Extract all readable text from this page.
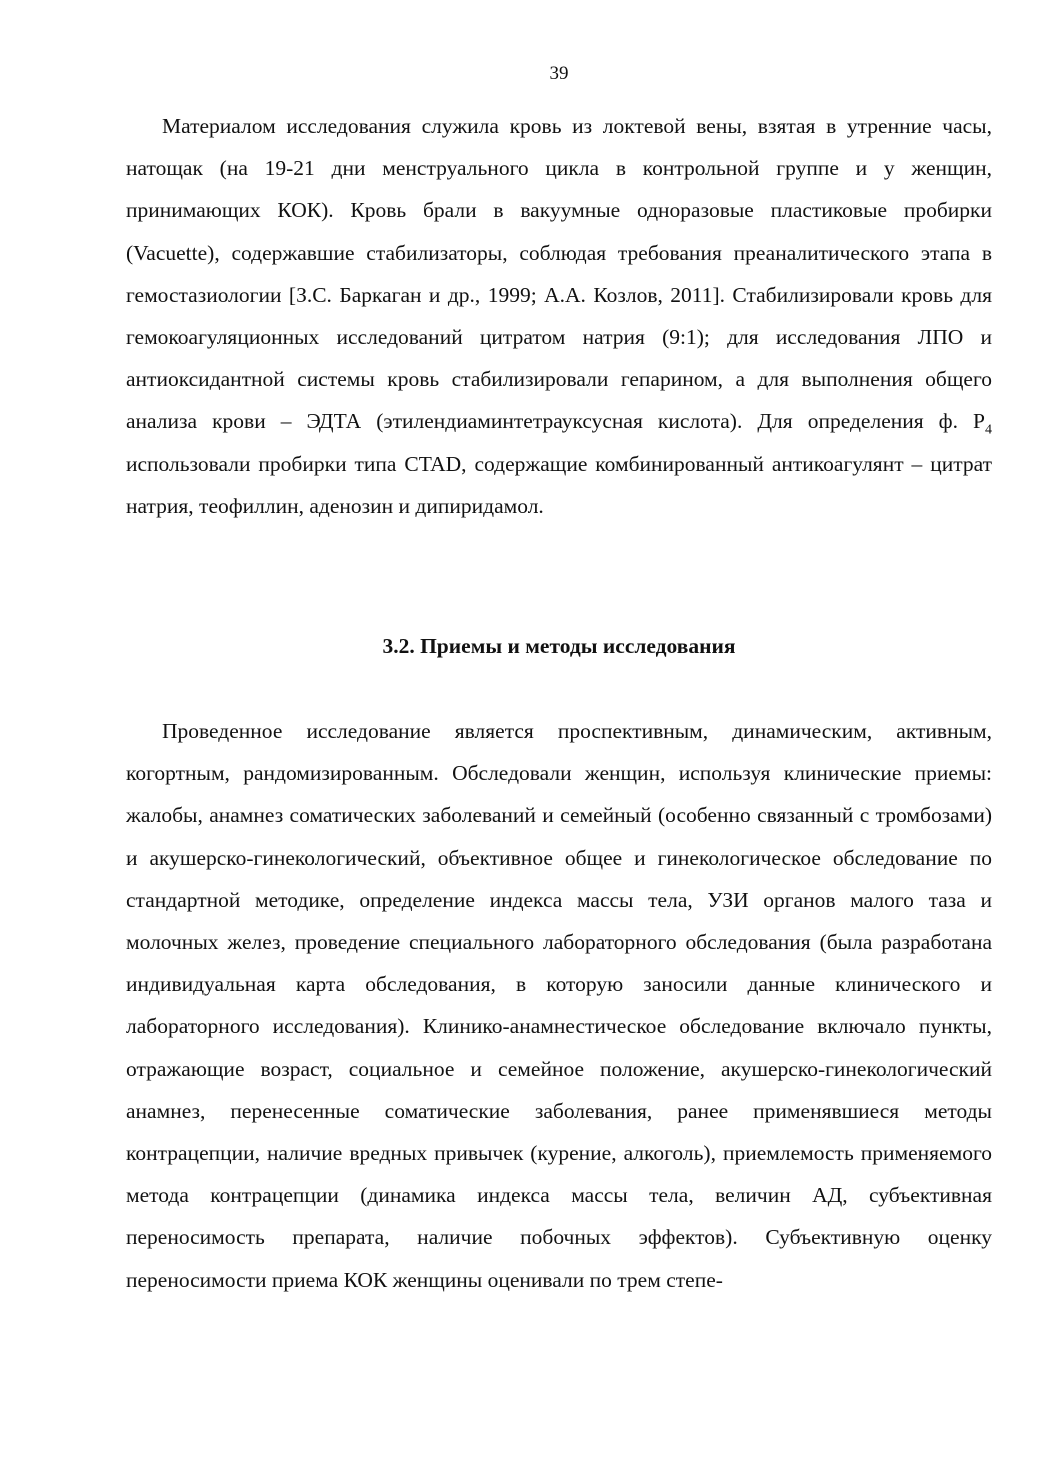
39

Материалом исследования служила кровь из локтевой вены, взятая в утренние часы, натощак (на 19-21 дни менструального цикла в контрольной группе и у женщин, принимающих КОК). Кровь брали в вакуумные одноразовые пластиковые пробирки (Vacuette), содержавшие стабилизаторы, соблюдая требования преаналитического этапа в гемостазиологии [З.С. Баркаган и др., 1999; А.А. Козлов, 2011]. Стабилизировали кровь для гемокоагуляционных исследований цитратом натрия (9:1); для исследования ЛПО и антиоксидантной системы кровь стабилизировали гепарином, а для выполнения общего анализа крови – ЭДТА (этилендиаминтетрауксусная кислота). Для определения ф. $Р_4$ использовали пробирки типа CTAD, содержащие комбинированный антикоагулянт – цитрат натрия, теофиллин, аденозин и дипиридамол.

3.2. Приемы и методы исследования

Проведенное исследование является проспективным, динамическим, активным, когортным, рандомизированным. Обследовали женщин, используя клинические приемы: жалобы, анамнез соматических заболеваний и семейный (особенно связанный с тромбозами) и акушерско-гинекологический, объективное общее и гинекологическое обследование по стандартной методике, определение индекса массы тела, УЗИ органов малого таза и молочных желез, проведение специального лабораторного обследования (была разработана индивидуальная карта обследования, в которую заносили данные клинического и лабораторного исследования). Клинико-анамнестическое обследование включало пункты, отражающие возраст, социальное и семейное положение, акушерско-гинекологический анамнез, перенесенные соматические заболевания, ранее применявшиеся методы контрацепции, наличие вредных привычек (курение, алкоголь), приемлемость применяемого метода контрацепции (динамика индекса массы тела, величин АД, субъективная переносимость препарата, наличие побочных эффектов). Субъективную оценку переносимости приема КОК женщины оценивали по трем степе-
